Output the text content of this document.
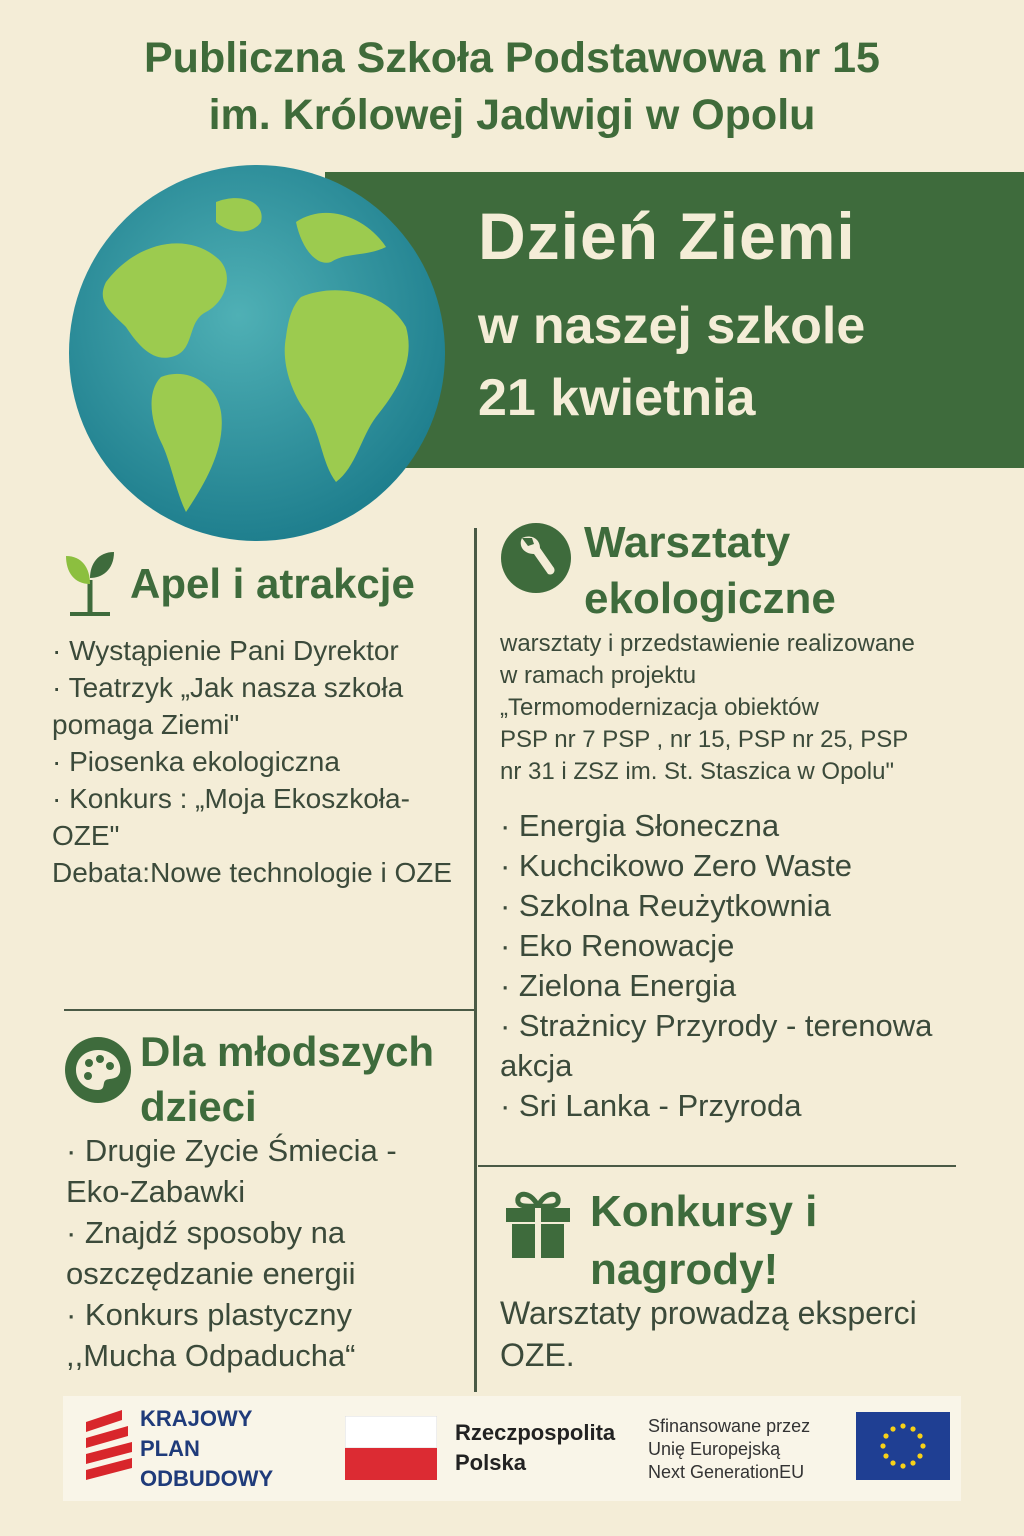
Publiczna Szkoła Podstawowa nr 15
im. Królowej Jadwigi w Opolu
Dzień Ziemi
w naszej szkole
21 kwietnia
Apel i atrakcje
· Wystąpienie Pani Dyrektor
· Teatrzyk „Jak nasza szkoła pomaga Ziemi"
· Piosenka ekologiczna
· Konkurs : „Moja Ekoszkoła-OZE"
Debata:Nowe technologie i OZE
Dla młodszych dzieci
· Drugie Zycie Śmiecia - Eko-Zabawki
· Znajdź sposoby na oszczędzanie energii
· Konkurs plastyczny ,,Mucha Odpaducha“
Warsztaty ekologiczne
warsztaty i przedstawienie realizowane
w ramach projektu
„Termomodernizacja obiektów
PSP nr 7 PSP , nr 15, PSP nr 25, PSP
nr 31 i ZSZ im. St. Staszica w Opolu"
· Energia Słoneczna
· Kuchcikowo Zero Waste
· Szkolna Reużytkownia
· Eko Renowacje
· Zielona Energia
· Strażnicy Przyrody - terenowa akcja
· Sri Lanka - Przyroda
Konkursy i nagrody!
Warsztaty prowadzą eksperci OZE.
KRAJOWY
PLAN
ODBUDOWY
Rzeczpospolita
Polska
Sfinansowane przez
Unię Europejską
Next GenerationEU
